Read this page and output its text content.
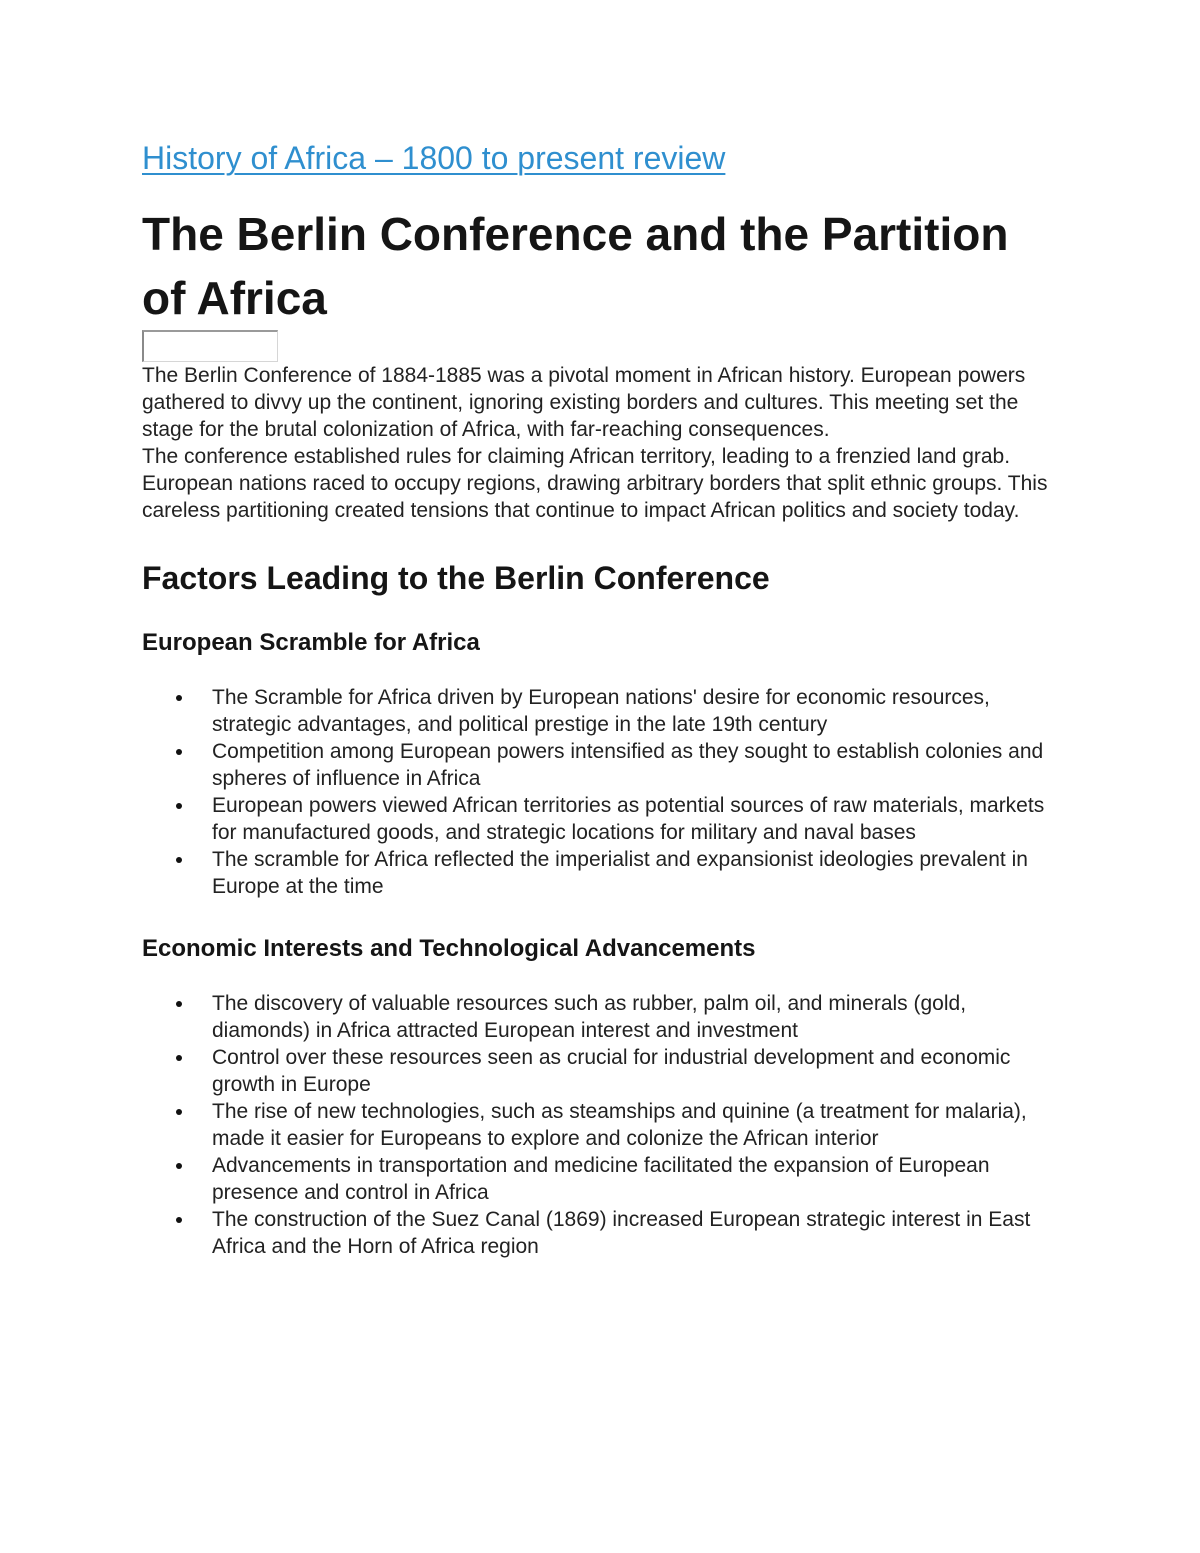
History of Africa – 1800 to present review
The Berlin Conference and the Partition of Africa

The Berlin Conference of 1884-1885 was a pivotal moment in African history. European powers gathered to divvy up the continent, ignoring existing borders and cultures. This meeting set the stage for the brutal colonization of Africa, with far-reaching consequences.

The conference established rules for claiming African territory, leading to a frenzied land grab. European nations raced to occupy regions, drawing arbitrary borders that split ethnic groups. This careless partitioning created tensions that continue to impact African politics and society today.

Factors Leading to the Berlin Conference
European Scramble for Africa
The Scramble for Africa driven by European nations' desire for economic resources, strategic advantages, and political prestige in the late 19th century
Competition among European powers intensified as they sought to establish colonies and spheres of influence in Africa
European powers viewed African territories as potential sources of raw materials, markets for manufactured goods, and strategic locations for military and naval bases
The scramble for Africa reflected the imperialist and expansionist ideologies prevalent in Europe at the time
Economic Interests and Technological Advancements
The discovery of valuable resources such as rubber, palm oil, and minerals (gold, diamonds) in Africa attracted European interest and investment
Control over these resources seen as crucial for industrial development and economic growth in Europe
The rise of new technologies, such as steamships and quinine (a treatment for malaria), made it easier for Europeans to explore and colonize the African interior
Advancements in transportation and medicine facilitated the expansion of European presence and control in Africa
The construction of the Suez Canal (1869) increased European strategic interest in East Africa and the Horn of Africa region
